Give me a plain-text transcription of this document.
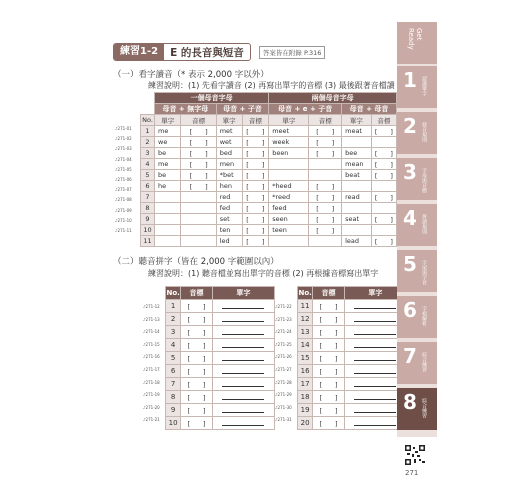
練習1-2	E 的長音與短音	答案皆在附錄 P.316
（一）看字讀音（* 表示 2,000 字以外）
練習說明：(1) 先看字讀音 (2) 再寫出單字的音標 (3) 最後跟著音檔讀
	一個母音字母				兩個母音字母			
	母音 + 無字母		母音 + 子音		母音 + e + 子音		母音 + 母音	
No.	單字	音標	單字	音標	單字	音標	單字	音標
1	me	[　　]	met	[　　]	meet	[　　]	meat	[　　]
2	we	[　　]	wet	[　　]	week	[　　]		
3	be	[　　]	bed	[　　]	been	[　　]	bee	[　　]
4	me	[　　]	men	[　　]			mean	[　　]
5	be	[　　]	*bet	[　　]			beat	[　　]
6	he	[　　]	hen	[　　]	*heed	[　　]		
7			red	[　　]	*reed	[　　]	read	[　　]
8			fed	[　　]	feed	[　　]		
9			set	[　　]	seen	[　　]	seat	[　　]
10			ten	[　　]	teen	[　　]		
11			led	[　　]			lead	[　　]
♪271-01
♪271-02
♪271-03
♪271-04
♪271-05
♪271-06
♪271-07
♪271-08
♪271-09
♪271-10
♪271-11
（二）聽音拼字（皆在 2,000 字範圍以內）
練習說明：(1) 聽音檔並寫出單字的音標 (2) 再根據音標寫出單字
No.	音標	單字
1	[　　]	
2	[　　]	
3	[　　]	
4	[　　]	
5	[　　]	
6	[　　]	
7	[　　]	
8	[　　]	
9	[　　]	
10	[　　]	
No.	音標	單字
11	[　　]	
12	[　　]	
13	[　　]	
14	[　　]	
15	[　　]	
16	[　　]	
17	[　　]	
18	[　　]	
19	[　　]	
20	[　　]	
♪271-12
♪271-13
♪271-14
♪271-15
♪271-16
♪271-17
♪271-18
♪271-19
♪271-20
♪271-21
♪271-22
♪271-23
♪271-24
♪271-25
♪271-26
♪271-27
♪271-28
♪271-29
♪271-30
♪271-31
Get Ready
1 認識單字
2 發音規則
3 字母與音標
4 拼讀規則
5 字尾與字首
6 字根解析
7 綜合練習
8 綜合練習
271
